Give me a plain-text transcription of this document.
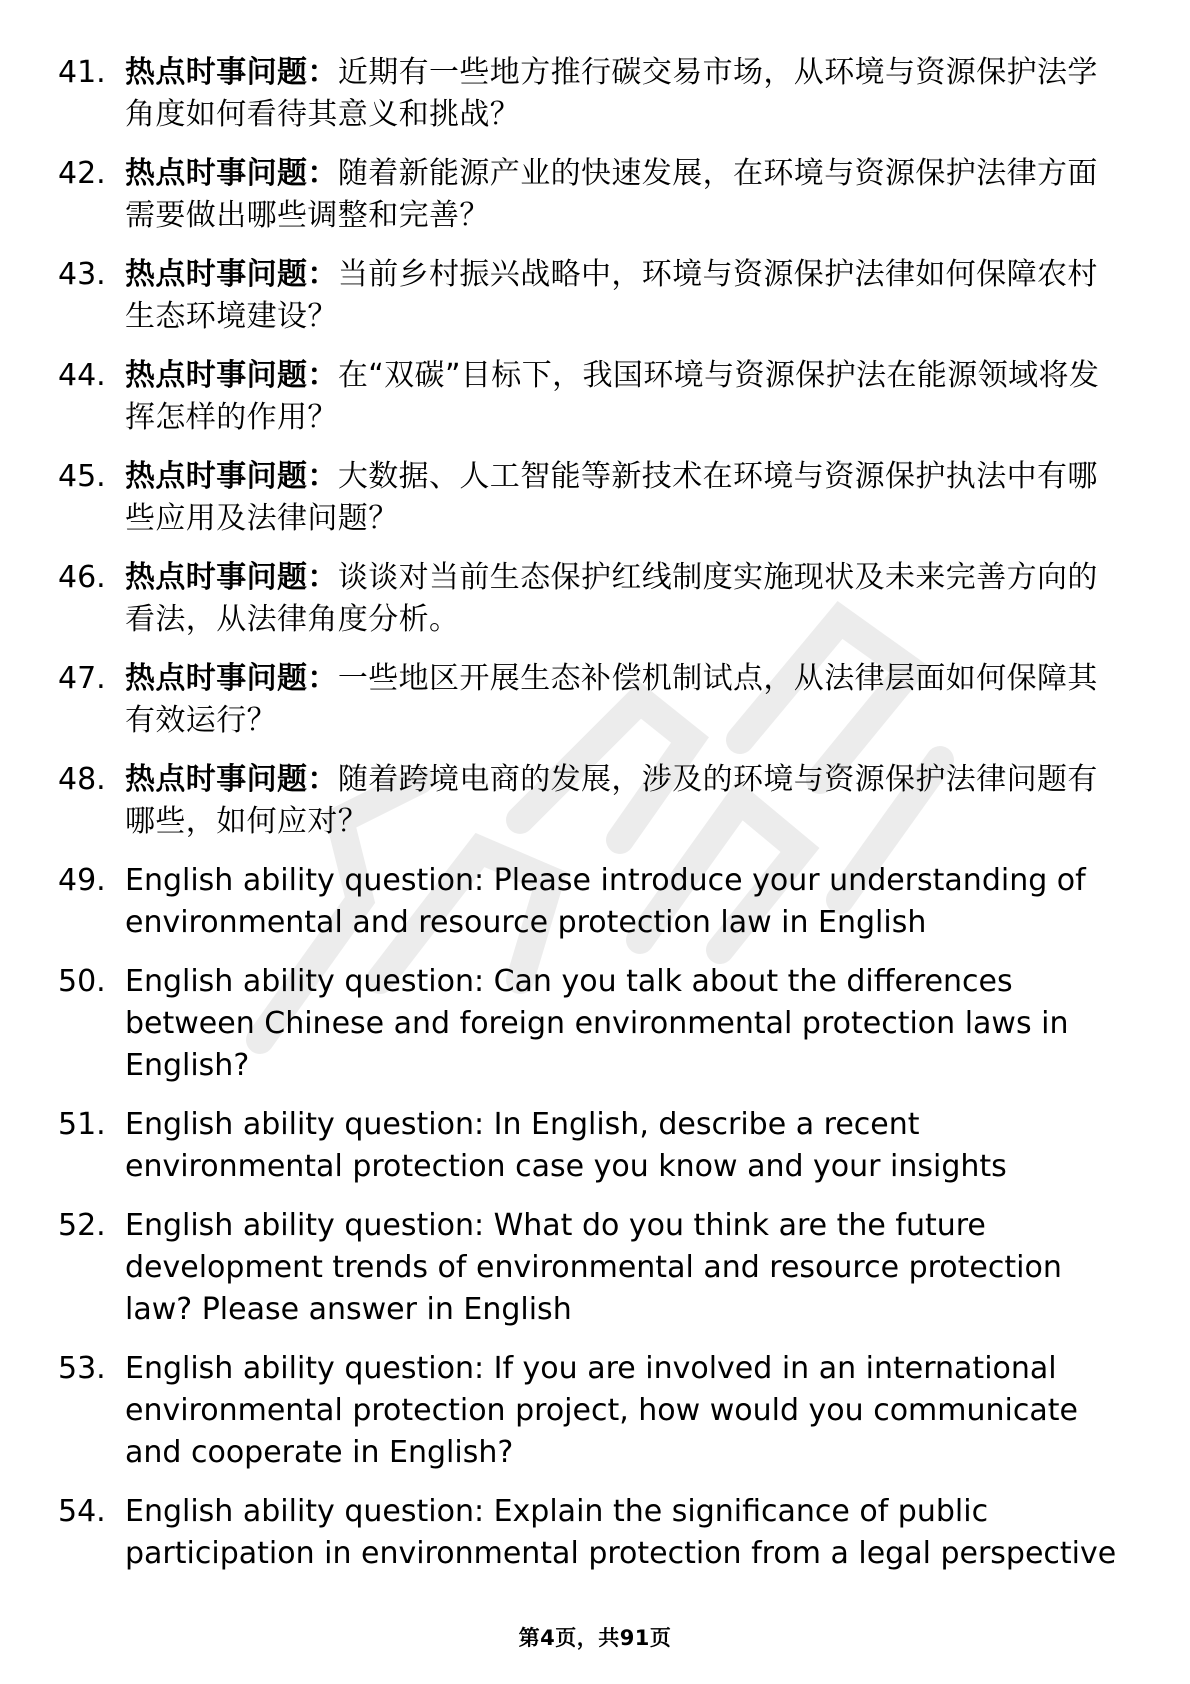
41. 热点时事问题：近期有一些地方推行碳交易市场，从环境与资源保护法学角度如何看待其意义和挑战？
42. 热点时事问题：随着新能源产业的快速发展，在环境与资源保护法律方面需要做出哪些调整和完善？
43. 热点时事问题：当前乡村振兴战略中，环境与资源保护法律如何保障农村生态环境建设？
44. 热点时事问题：在“双碳”目标下，我国环境与资源保护法在能源领域将发挥怎样的作用？
45. 热点时事问题：大数据、人工智能等新技术在环境与资源保护执法中有哪些应用及法律问题？
46. 热点时事问题：谈谈对当前生态保护红线制度实施现状及未来完善方向的看法，从法律角度分析。
47. 热点时事问题：一些地区开展生态补偿机制试点，从法律层面如何保障其有效运行？
48. 热点时事问题：随着跨境电商的发展，涉及的环境与资源保护法律问题有哪些，如何应对？
49. English ability question: Please introduce your understanding of environmental and resource protection law in English
50. English ability question: Can you talk about the differences between Chinese and foreign environmental protection laws in English?
51. English ability question: In English, describe a recent environmental protection case you know and your insights
52. English ability question: What do you think are the future development trends of environmental and resource protection law? Please answer in English
53. English ability question: If you are involved in an international environmental protection project, how would you communicate and cooperate in English?
54. English ability question: Explain the significance of public participation in environmental protection from a legal perspective
第4页，共91页
